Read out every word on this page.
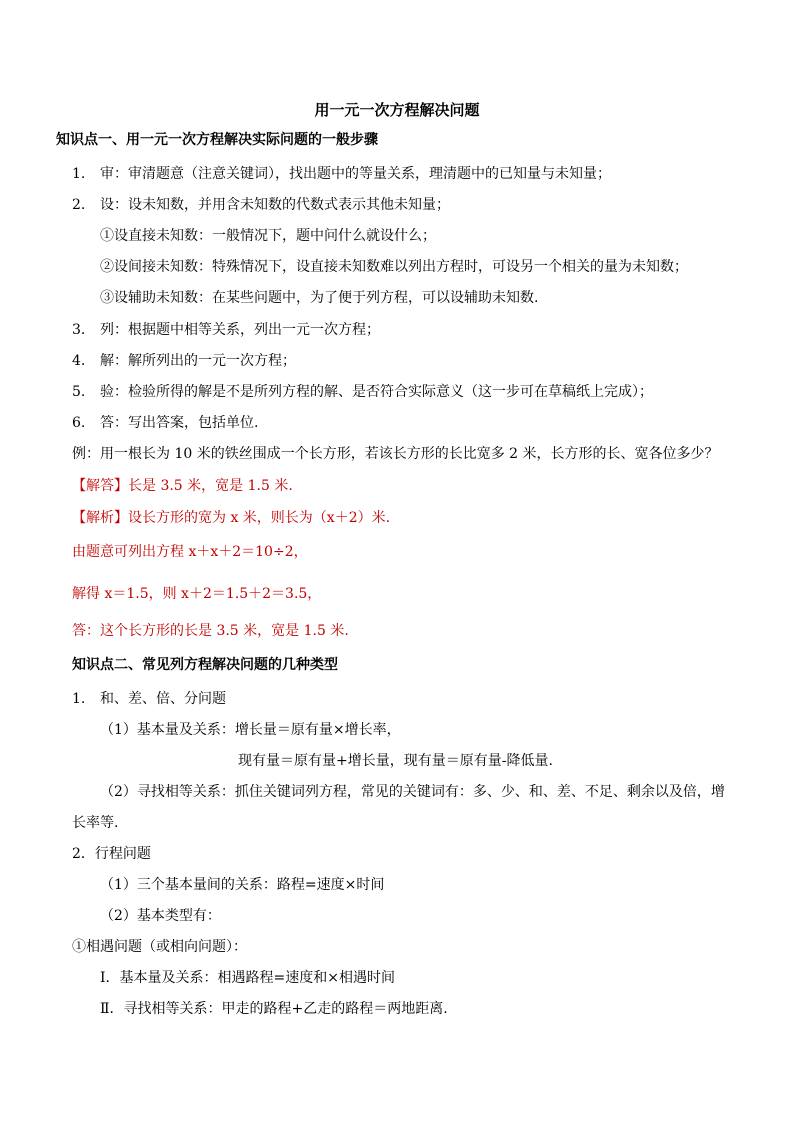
用一元一次方程解决问题
知识点一、用一元一次方程解决实际问题的一般步骤
1. 审：审清题意（注意关键词），找出题中的等量关系，理清题中的已知量与未知量；
2. 设：设未知数，并用含未知数的代数式表示其他未知量；
①设直接未知数：一般情况下，题中问什么就设什么；
②设间接未知数：特殊情况下，设直接未知数难以列出方程时，可设另一个相关的量为未知数；
③设辅助未知数：在某些问题中，为了便于列方程，可以设辅助未知数.
3. 列：根据题中相等关系，列出一元一次方程；
4. 解：解所列出的一元一次方程；
5. 验：检验所得的解是不是所列方程的解、是否符合实际意义（这一步可在草稿纸上完成）；
6. 答：写出答案，包括单位.
例：用一根长为 10 米的铁丝围成一个长方形，若该长方形的长比宽多 2 米，长方形的长、宽各位多少？
【解答】长是 3.5 米，宽是 1.5 米.
【解析】设长方形的宽为 x 米，则长为（x＋2）米.
由题意可列出方程 x＋x＋2＝10÷2，
解得 x＝1.5，则 x＋2＝1.5＋2＝3.5，
答：这个长方形的长是 3.5 米，宽是 1.5 米.
知识点二、常见列方程解决问题的几种类型
1. 和、差、倍、分问题
（1）基本量及关系：增长量＝原有量×增长率，
现有量＝原有量+增长量，现有量＝原有量-降低量.
（2）寻找相等关系：抓住关键词列方程，常见的关键词有：多、少、和、差、不足、剩余以及倍，增
长率等.
2．行程问题
（1）三个基本量间的关系：路程=速度×时间
（2）基本类型有：
①相遇问题（或相向问题）：
Ⅰ．基本量及关系：相遇路程=速度和×相遇时间
Ⅱ．寻找相等关系：甲走的路程+乙走的路程＝两地距离.
